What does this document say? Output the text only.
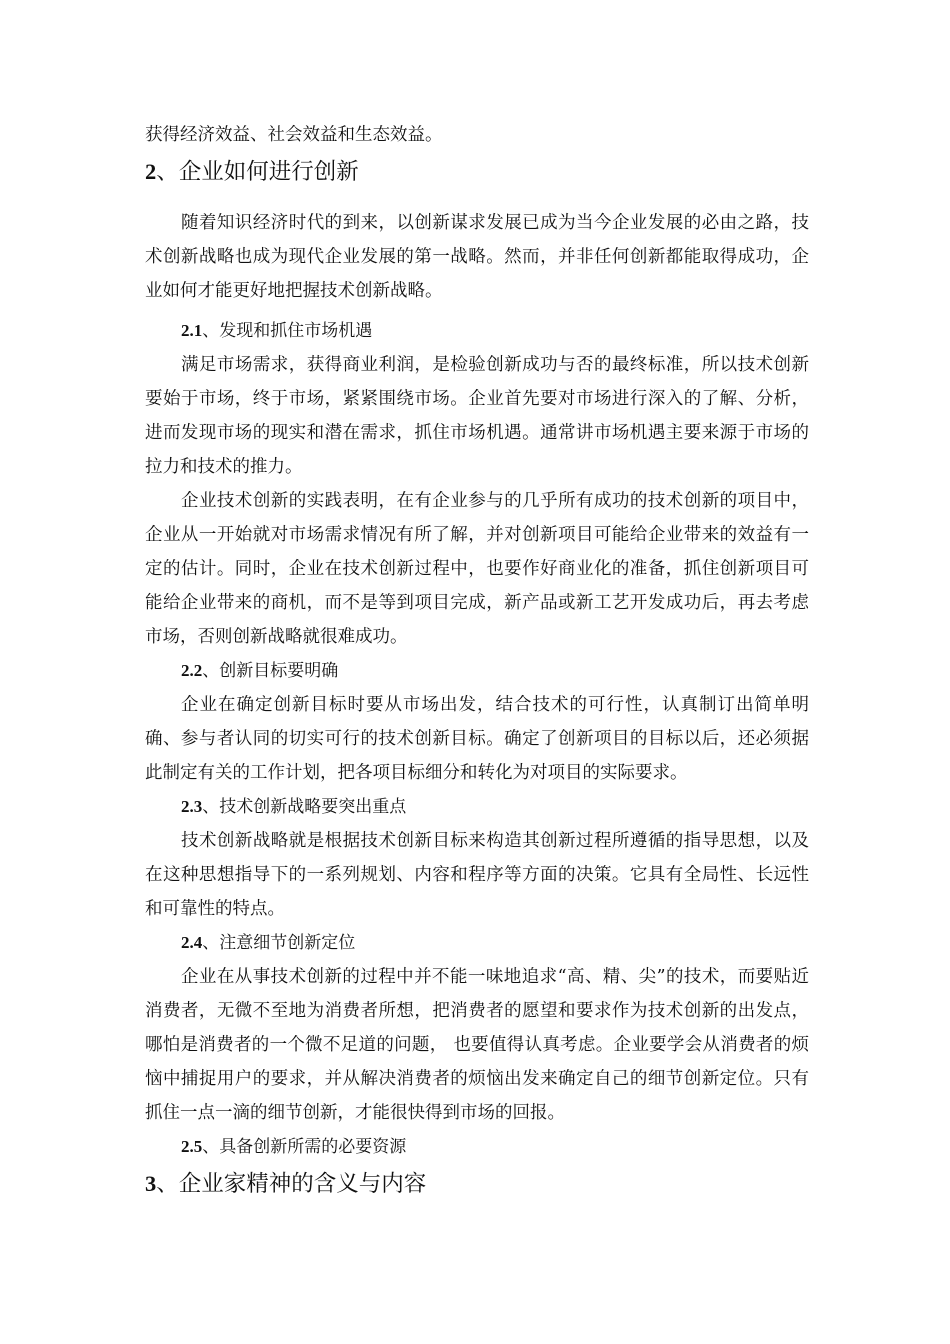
获得经济效益、社会效益和生态效益。

2、企业如何进行创新

随着知识经济时代的到来，以创新谋求发展已成为当今企业发展的必由之路，技术创新战略也成为现代企业发展的第一战略。然而，并非任何创新都能取得成功，企业如何才能更好地把握技术创新战略。

2.1、发现和抓住市场机遇

满足市场需求，获得商业利润，是检验创新成功与否的最终标准，所以技术创新要始于市场，终于市场，紧紧围绕市场。企业首先要对市场进行深入的了解、分析，进而发现市场的现实和潜在需求，抓住市场机遇。通常讲市场机遇主要来源于市场的拉力和技术的推力。

企业技术创新的实践表明，在有企业参与的几乎所有成功的技术创新的项目中，企业从一开始就对市场需求情况有所了解，并对创新项目可能给企业带来的效益有一定的估计。同时，企业在技术创新过程中，也要作好商业化的准备，抓住创新项目可能给企业带来的商机，而不是等到项目完成，新产品或新工艺开发成功后，再去考虑市场，否则创新战略就很难成功。

2.2、创新目标要明确

企业在确定创新目标时要从市场出发，结合技术的可行性，认真制订出简单明确、参与者认同的切实可行的技术创新目标。确定了创新项目的目标以后，还必须据此制定有关的工作计划，把各项目标细分和转化为对项目的实际要求。

2.3、技术创新战略要突出重点

技术创新战略就是根据技术创新目标来构造其创新过程所遵循的指导思想，以及在这种思想指导下的一系列规划、内容和程序等方面的决策。它具有全局性、长远性和可靠性的特点。

2.4、注意细节创新定位

企业在从事技术创新的过程中并不能一味地追求“高、精、尖”的技术，而要贴近消费者，无微不至地为消费者所想，把消费者的愿望和要求作为技术创新的出发点，哪怕是消费者的一个微不足道的问题， 也要值得认真考虑。企业要学会从消费者的烦恼中捕捉用户的要求，并从解决消费者的烦恼出发来确定自己的细节创新定位。只有抓住一点一滴的细节创新，才能很快得到市场的回报。

2.5、具备创新所需的必要资源
3、企业家精神的含义与内容
